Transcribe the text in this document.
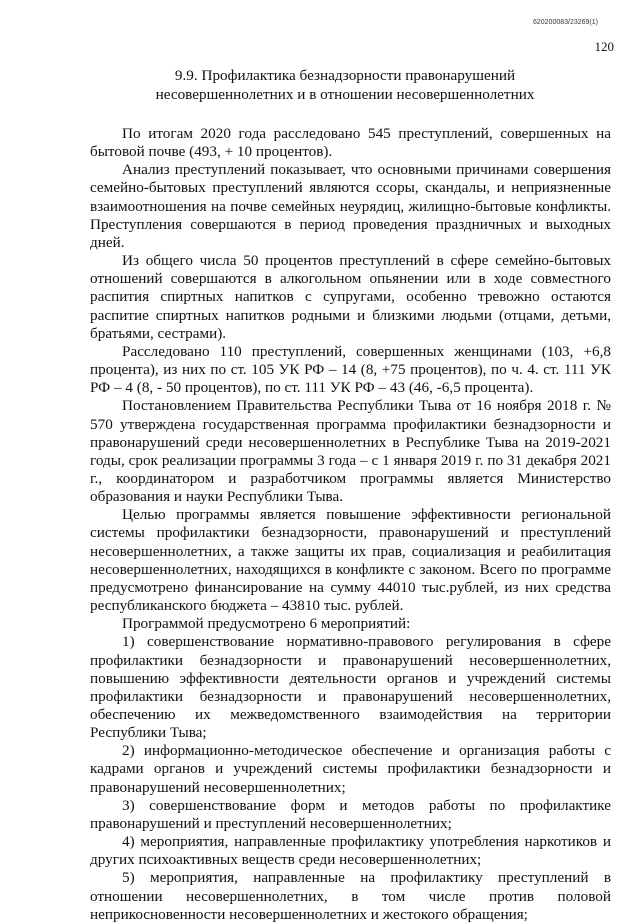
620200083/23269(1)
120
9.9. Профилактика безнадзорности правонарушений
несовершеннолетних и в отношении несовершеннолетних

По итогам 2020 года расследовано 545 преступлений, совершенных на бытовой почве (493, + 10 процентов).

Анализ преступлений показывает, что основными причинами совершения семейно-бытовых преступлений являются ссоры, скандалы, и неприязненные взаимоотношения на почве семейных неурядиц, жилищно-бытовые конфликты. Преступления совершаются в период проведения праздничных и выходных дней.

Из общего числа 50 процентов преступлений в сфере семейно-бытовых отношений совершаются в алкогольном опьянении или в ходе совместного распития спиртных напитков с супругами, особенно тревожно остаются распитие спиртных напитков родными и близкими людьми (отцами, детьми, братьями, сестрами).

Расследовано 110 преступлений, совершенных женщинами (103, +6,8 процента), из них по ст. 105 УК РФ – 14 (8, +75 процентов), по ч. 4. ст. 111 УК РФ – 4 (8, - 50 процентов), по ст. 111 УК РФ – 43 (46, -6,5 процента).

Постановлением Правительства Республики Тыва от 16 ноября 2018 г. № 570 утверждена государственная программа профилактики безнадзорности и правонарушений среди несовершеннолетних в Республике Тыва на 2019-2021 годы, срок реализации программы 3 года – с 1 января 2019 г. по 31 декабря 2021 г., координатором и разработчиком программы является Министерство образования и науки Республики Тыва.

Целью программы является повышение эффективности региональной системы профилактики безнадзорности, правонарушений и преступлений несовершеннолетних, а также защиты их прав, социализация и реабилитация несовершеннолетних, находящихся в конфликте с законом. Всего по программе предусмотрено финансирование на сумму 44010 тыс.рублей, из них средства республиканского бюджета – 43810 тыс. рублей.

Программой предусмотрено 6 мероприятий:

1) совершенствование нормативно-правового регулирования в сфере профилактики безнадзорности и правонарушений несовершеннолетних, повышению эффективности деятельности органов и учреждений системы профилактики безнадзорности и правонарушений несовершеннолетних, обеспечению их межведомственного взаимодействия на территории Республики Тыва;

2) информационно-методическое обеспечение и организация работы с кадрами органов и учреждений системы профилактики безнадзорности и правонарушений несовершеннолетних;

3) совершенствование форм и методов работы по профилактике правонарушений и преступлений несовершеннолетних;

4) мероприятия, направленные профилактику употребления наркотиков и других психоактивных веществ среди несовершеннолетних;

5) мероприятия, направленные на профилактику преступлений в отношении несовершеннолетних, в том числе против половой неприкосновенности несовершеннолетних и жестокого обращения;
